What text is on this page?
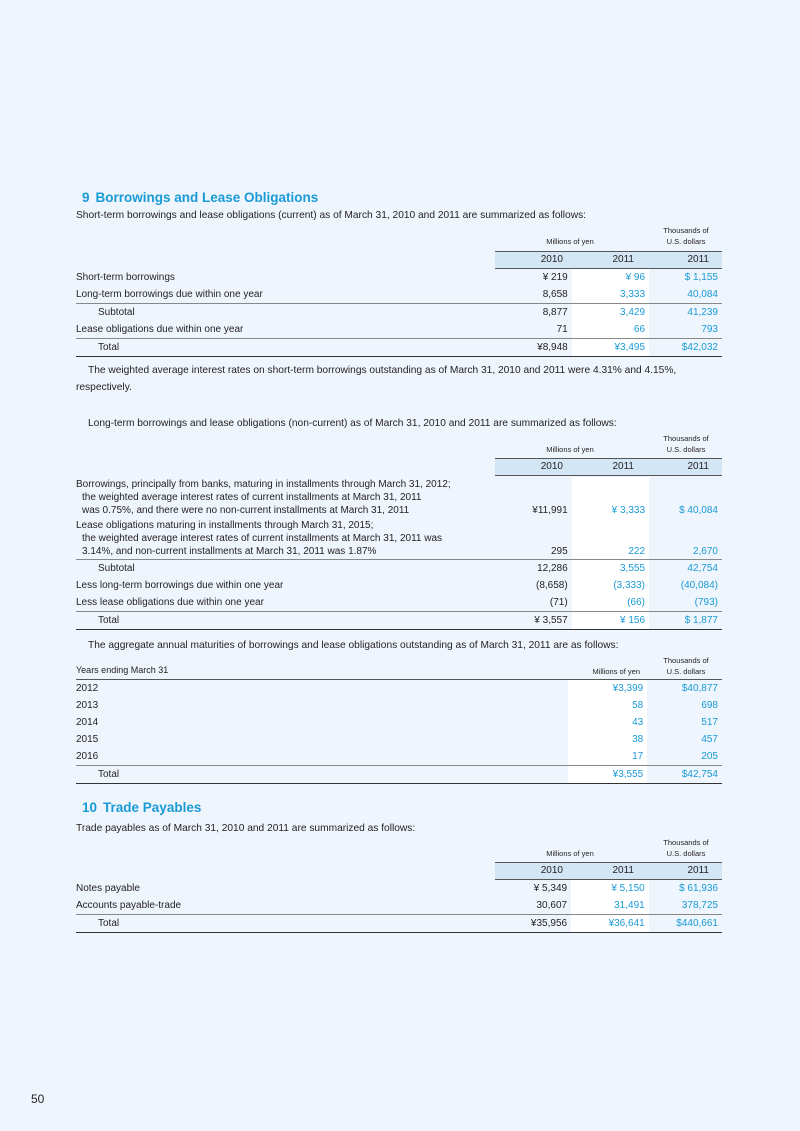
9 Borrowings and Lease Obligations
Short-term borrowings and lease obligations (current) as of March 31, 2010 and 2011 are summarized as follows:
Millions of yen
Thousands of
U.S. dollars
2010	2011	2011
Short-term borrowings	¥ 219	¥ 96	$ 1,155
Long-term borrowings due within one year	8,658	3,333	40,084
Subtotal	8,877	3,429	41,239
Lease obligations due within one year	71	66	793
Total	¥8,948	¥3,495	$42,032
The weighted average interest rates on short-term borrowings outstanding as of March 31, 2010 and 2011 were 4.31% and 4.15%, respectively.
Long-term borrowings and lease obligations (non-current) as of March 31, 2010 and 2011 are summarized as follows:
Millions of yen
Thousands of
U.S. dollars
2010	2011	2011
Borrowings, principally from banks, maturing in installments through March 31, 2012;
the weighted average interest rates of current installments at March 31, 2011
was 0.75%, and there were no non-current installments at March 31, 2011	¥11,991	¥ 3,333	$ 40,084

Lease obligations maturing in installments through March 31, 2015;
the weighted average interest rates of current installments at March 31, 2011 was
3.14%, and non-current installments at March 31, 2011 was 1.87%	295	222	2,670
Subtotal	12,286	3,555	42,754
Less long-term borrowings due within one year	(8,658)	(3,333)	(40,084)
Less lease obligations due within one year	(71)	(66)	(793)
Total	¥ 3,557	¥ 156	$ 1,877
The aggregate annual maturities of borrowings and lease obligations outstanding as of March 31, 2011 are as follows:
Years ending March 31	Millions of yen
Thousands of
U.S. dollars
2012	¥3,399	$40,877
2013	58	698
2014	43	517
2015	38	457
2016	17	205
Total	¥3,555	$42,754
10 Trade Payables
Trade payables as of March 31, 2010 and 2011 are summarized as follows:
Millions of yen
Thousands of
U.S. dollars
2010	2011	2011
Notes payable	¥ 5,349	¥ 5,150	$ 61,936
Accounts payable-trade	30,607	31,491	378,725
Total	¥35,956	¥36,641	$440,661
50
